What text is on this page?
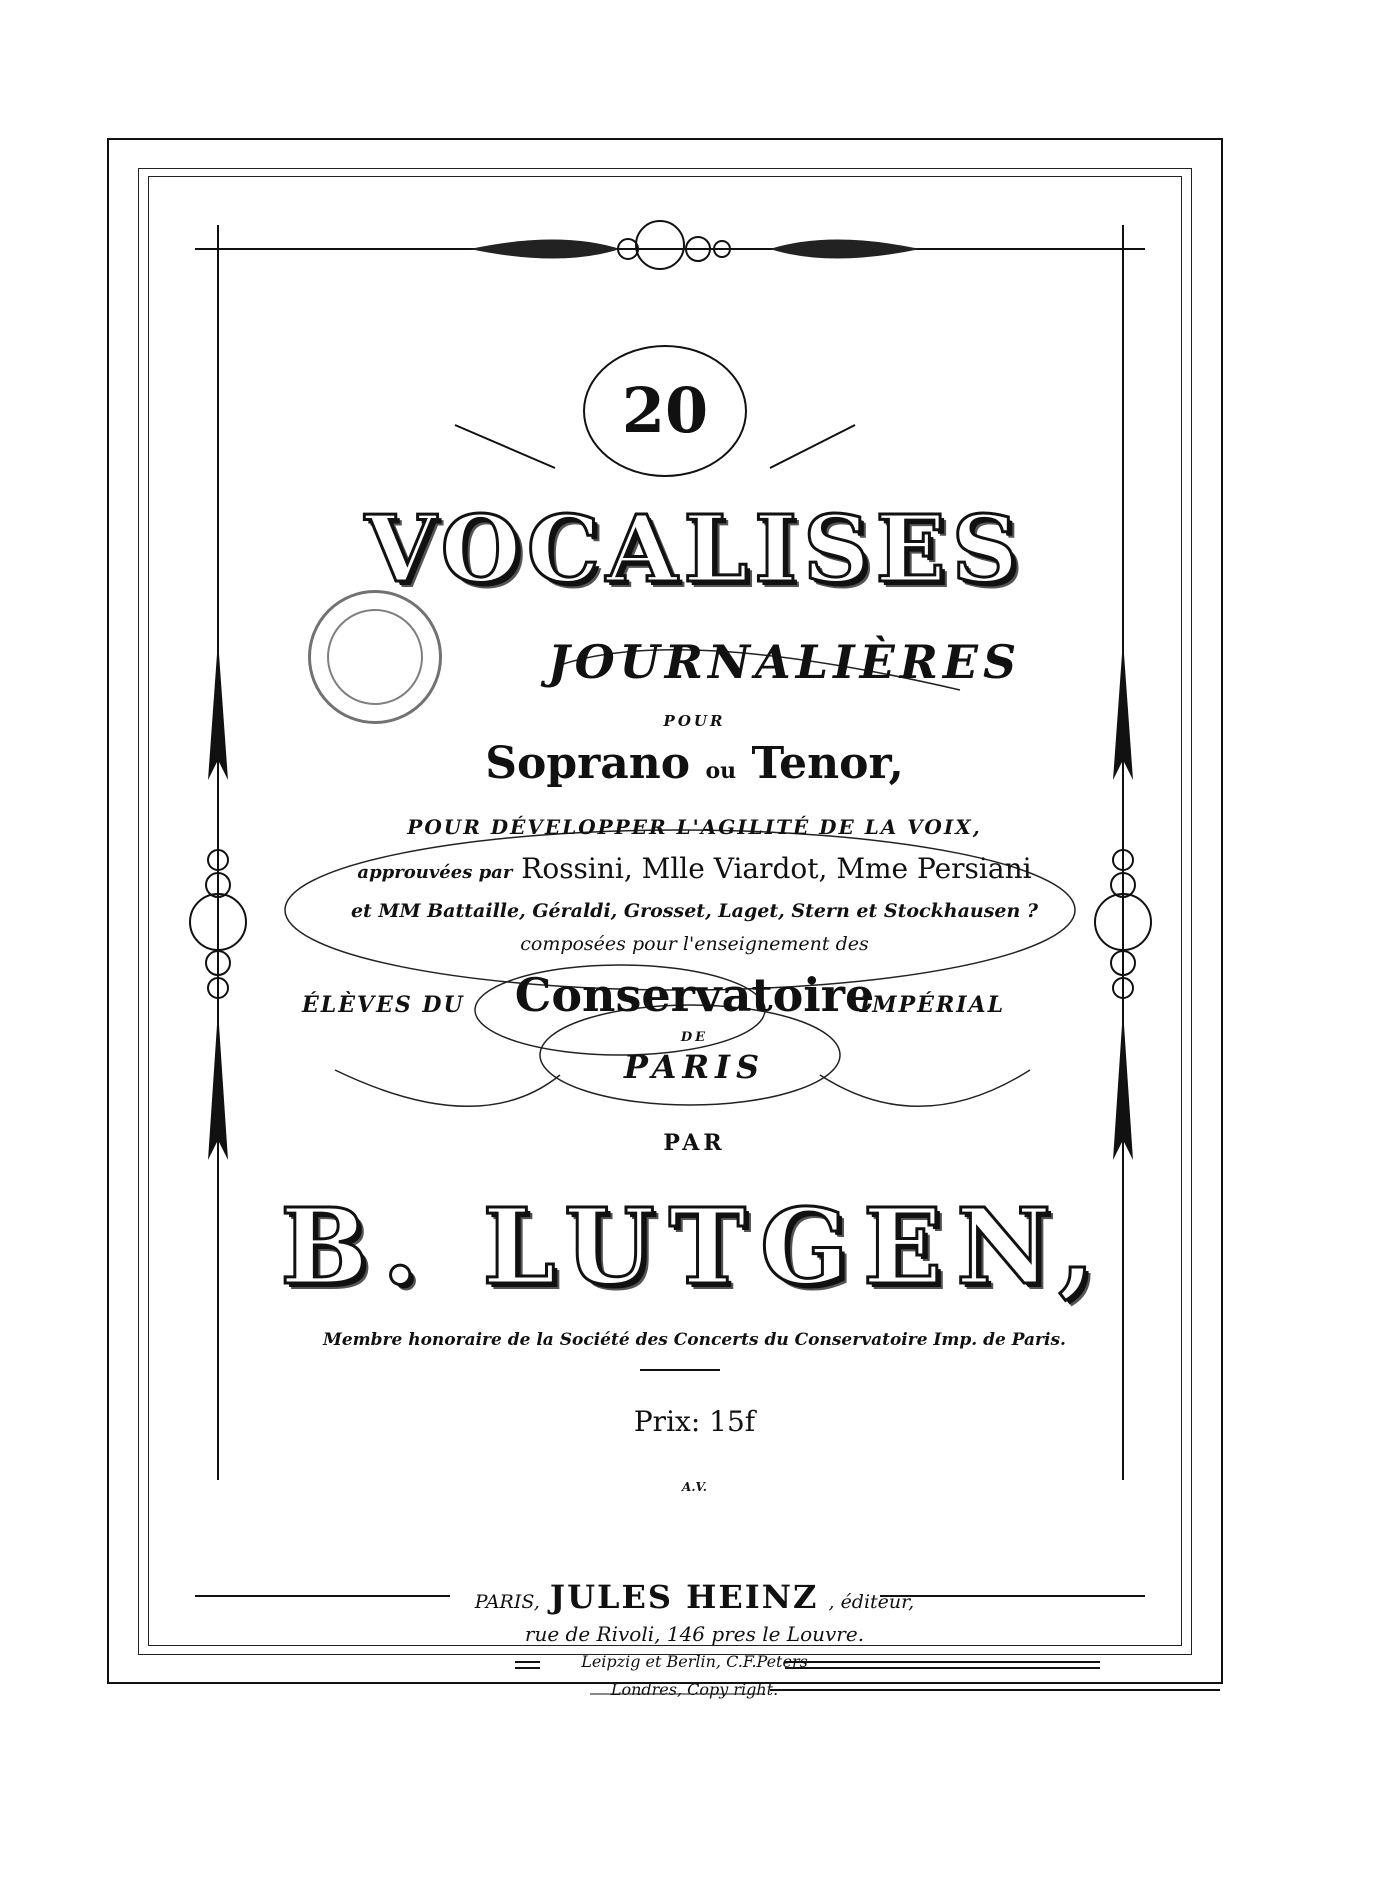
20
VOCALISES
JOURNALIÈRES
POUR
Soprano ou Tenor,
POUR DÉVELOPPER L'AGILITÉ DE LA VOIX,
approuvées par Rossini, Mlle Viardot, Mme Persiani
et MM Battaille, Géraldi, Grosset, Laget, Stern et Stockhausen ?
composées pour l'enseignement des
ÉLÈVES DU	Conservatoire
IMPÉRIAL
DE
PARIS
PAR
B. LUTGEN,
Membre honoraire de la Société des Concerts du Conservatoire Imp. de Paris.
Prix: 15f
A.V.
PARIS, JULES HEINZ , éditeur,
rue de Rivoli, 146 pres le Louvre.
Leipzig et Berlin, C.F.Peters
Londres, Copy right.
